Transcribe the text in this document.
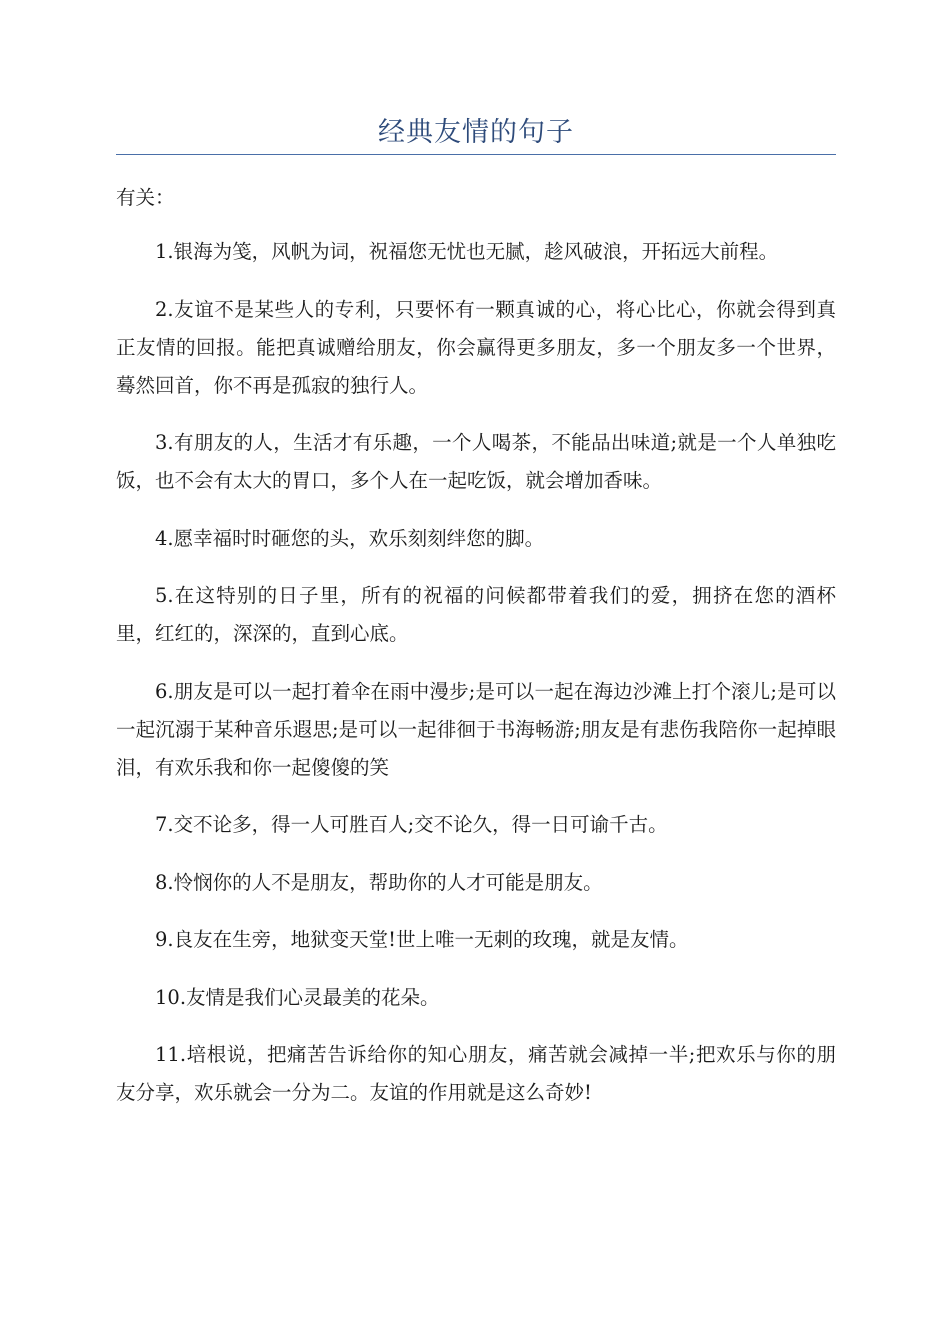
经典友情的句子
有关：

1.银海为笺，风帆为词，祝福您无忧也无腻，趁风破浪，开拓远大前程。

2.友谊不是某些人的专利，只要怀有一颗真诚的心，将心比心，你就会得到真正友情的回报。能把真诚赠给朋友，你会赢得更多朋友，多一个朋友多一个世界，蓦然回首，你不再是孤寂的独行人。

3.有朋友的人，生活才有乐趣，一个人喝茶，不能品出味道;就是一个人单独吃饭，也不会有太大的胃口，多个人在一起吃饭，就会增加香味。

4.愿幸福时时砸您的头，欢乐刻刻绊您的脚。

5.在这特别的日子里，所有的祝福的问候都带着我们的爱，拥挤在您的酒杯里，红红的，深深的，直到心底。

6.朋友是可以一起打着伞在雨中漫步;是可以一起在海边沙滩上打个滚儿;是可以一起沉溺于某种音乐遐思;是可以一起徘徊于书海畅游;朋友是有悲伤我陪你一起掉眼泪，有欢乐我和你一起傻傻的笑

7.交不论多，得一人可胜百人;交不论久，得一日可谕千古。

8.怜悯你的人不是朋友，帮助你的人才可能是朋友。

9.良友在生旁，地狱变天堂!世上唯一无刺的玫瑰，就是友情。

10.友情是我们心灵最美的花朵。

11.培根说，把痛苦告诉给你的知心朋友，痛苦就会减掉一半;把欢乐与你的朋友分享，欢乐就会一分为二。友谊的作用就是这么奇妙!
